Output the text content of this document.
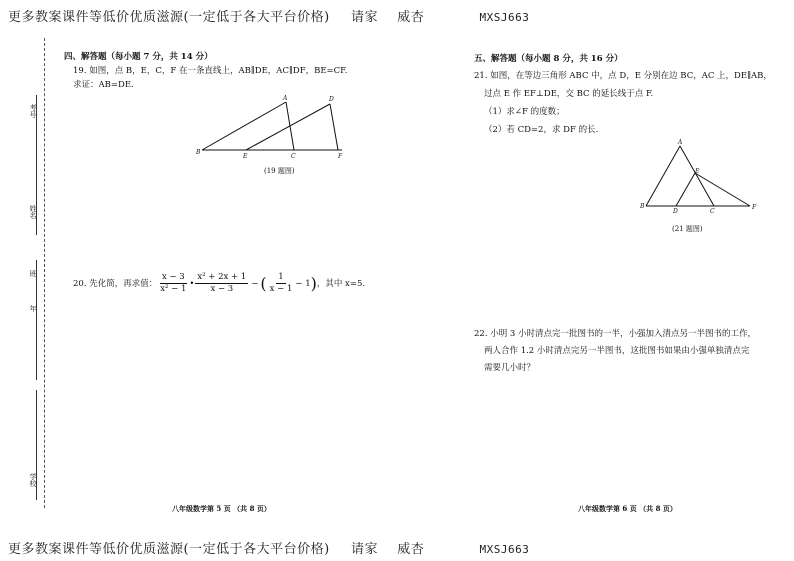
更多教案课件等低价优质滋源(一定低于各大平台价格) 请家 威杏	MXSJ663
更多教案课件等低价优质滋源(一定低于各大平台价格) 请家 威杏	MXSJ663
考号
姓名
班
年
学校
四、解答题（每小题 7 分，共 14 分）
19. 如图，点 B，E，C，F 在一条直线上，AB∥DE，AC∥DF，BE=CF.
求证：AB=DE.
A	D
B
E	C	F
(19 题图)
20. 先化简，再求值： $\frac{x - 3}{\text{x² − 1}}$ • $\frac{\text{x² + 2x + 1}}{x - 3}$ − ( $\frac{1}{x - 1} - 1$ ) ，其中 x=5.
八年级数学第 5 页 （共 8 页）
五、解答题（每小题 8 分，共 16 分）
21. 如图，在等边三角形 ABC 中，点 D，E 分别在边 BC，AC 上，DE∥AB，
过点 E 作 EF⊥DE，交 BC 的延长线于点 F.
（1）求∠F 的度数；
（2）若 CD=2，求 DF 的长.
A
E
B
D	C
F
(21 题图)
22. 小明 3 小时清点完一批图书的一半，小强加入清点另一半图书的工作，
两人合作 1.2 小时清点完另一半图书，这批图书如果由小强单独清点完
需要几小时？
八年级数学第 6 页 （共 8 页）
